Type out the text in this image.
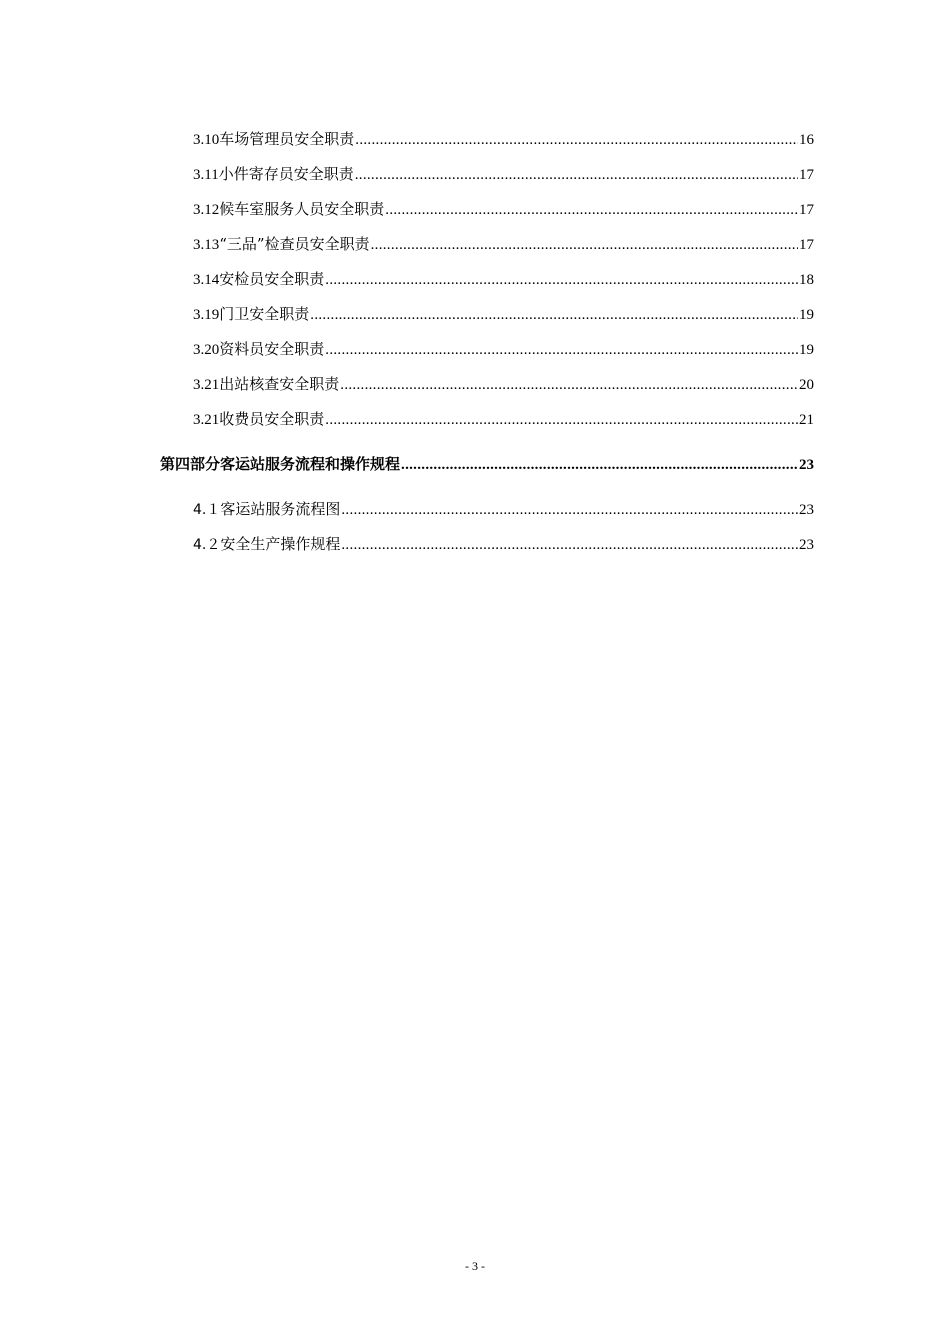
3.10 车场管理员安全职责 .....	16
3.11 小件寄存员安全职责 .....	17
3.12 候车室服务人员安全职责 .....	17
3.13 “三品”检查员安全职责 .....	17
3.14 安检员安全职责 .....	18
3.19 门卫安全职责 .....	19
3.20 资料员安全职责 .....	19
3.21 出站核查安全职责 .....	20
3.21 收费员安全职责 .....	21
第四部分 客运站服务流程和操作规程 .....	23
4.１ 客运站服务流程图 .....	23
4.２ 安全生产操作规程 .....	23
- 3 -
